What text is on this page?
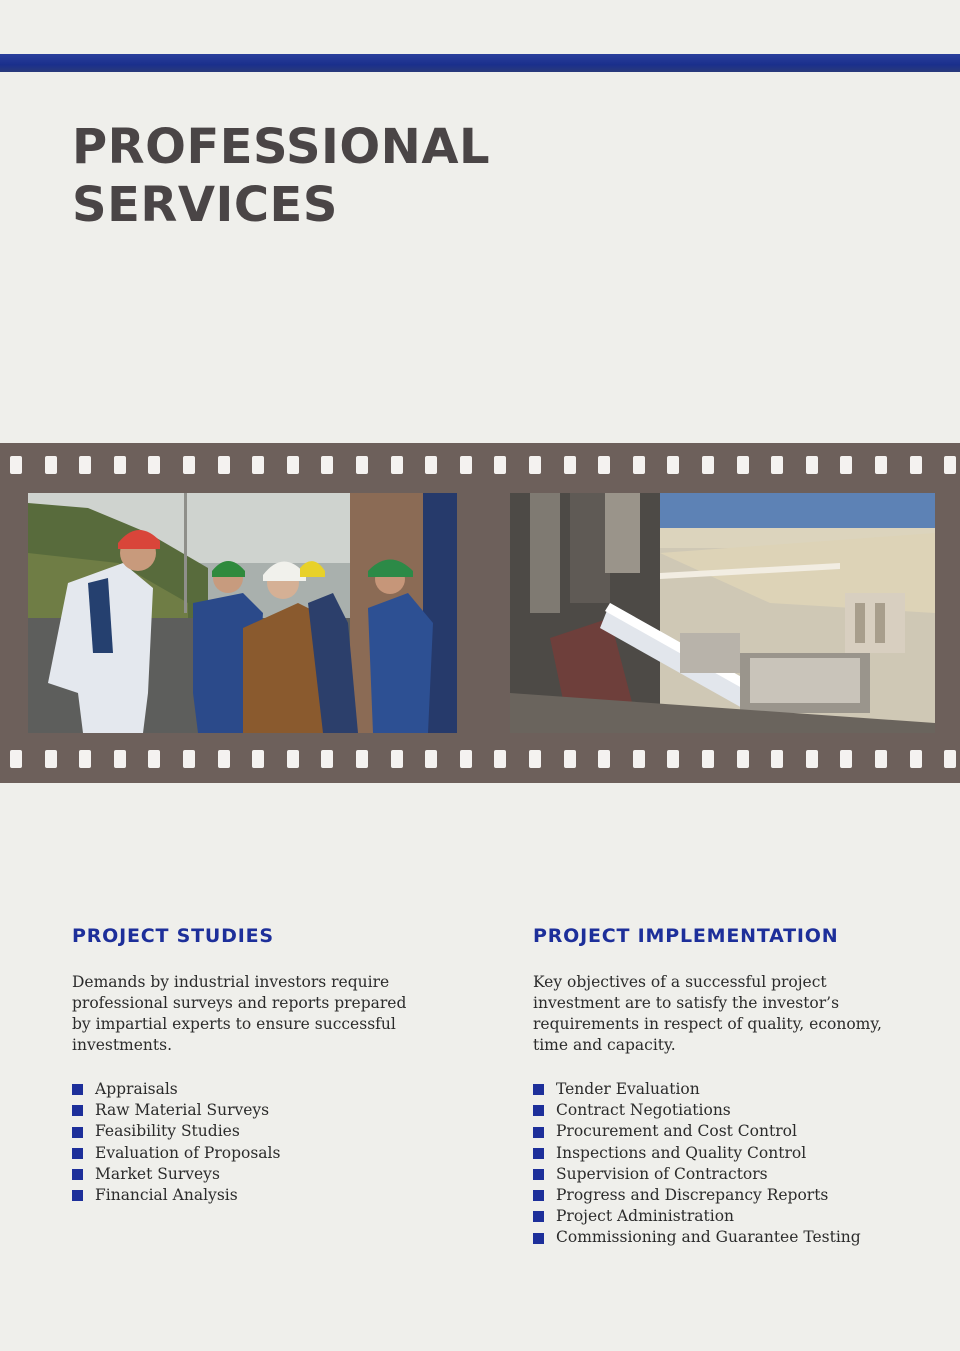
PROFESSIONAL
SERVICES
PROJECT STUDIES

Demands by industrial investors require professional surveys and reports prepared by impartial experts to ensure successful investments.

Appraisals
Raw Material Surveys
Feasibility Studies
Evaluation of Proposals
Market Surveys
Financial Analysis
PROJECT IMPLEMENTATION

Key objectives of a successful project investment are to satisfy the investor’s requirements in respect of quality, economy, time and capacity.

Tender Evaluation
Contract Negotiations
Procurement and Cost Control
Inspections and Quality Control
Supervision of Contractors
Progress and Discrepancy Reports
Project Administration
Commissioning and Guarantee Testing
